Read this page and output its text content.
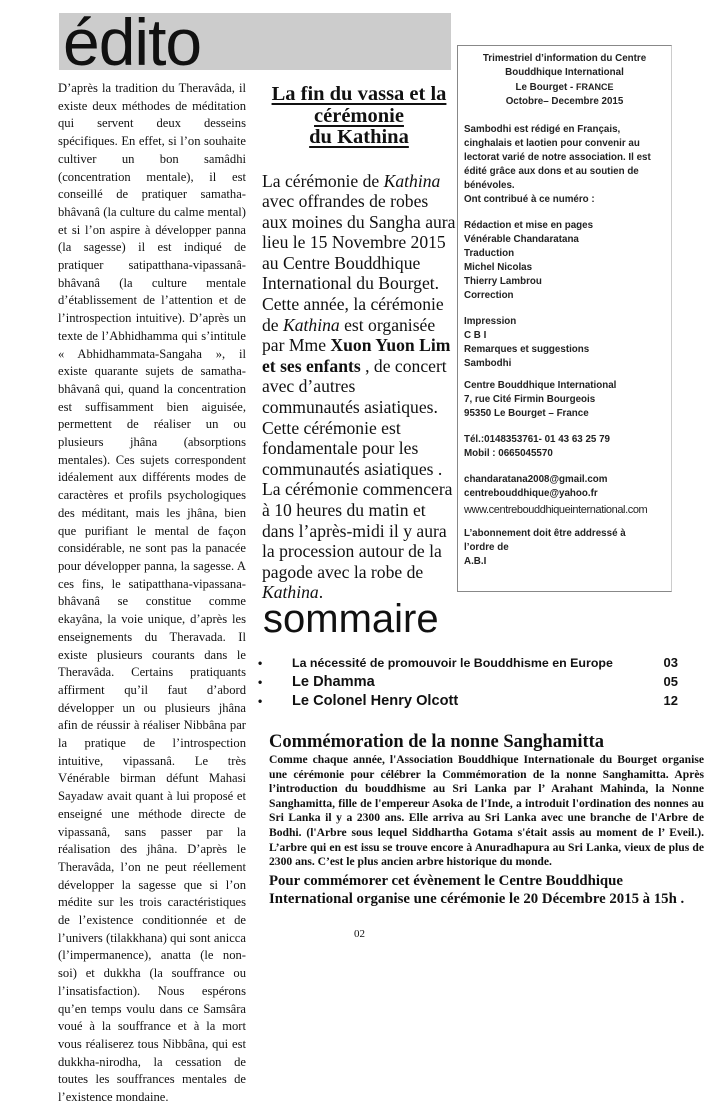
édito

D’après la tradition du Theravâda, il existe deux méthodes de méditation qui servent deux desseins spécifiques. En effet, si l’on souhaite cultiver un bon samâdhi (concentration mentale), il est conseillé de pratiquer samatha-bhâvanâ (la culture du calme mental) et si l’on aspire à développer panna (la sagesse) il est indiqué de pratiquer satipatthana-vipassanâ-bhâvanâ (la culture mentale d’établissement de l’attention et de l’introspection intuitive). D’après un texte de l’Abhidhamma qui s’intitule « Abhidhammata-Sangaha », il existe quarante sujets de samatha-bhâvanâ qui, quand la concentration est suffisamment bien aiguisée, permettent de réaliser un ou plusieurs jhâna (absorptions mentales). Ces sujets correspondent idéalement aux différents modes de caractères et profils psychologiques des méditant, mais les jhâna, bien que purifiant le mental de façon considérable, ne sont pas la panacée pour développer panna, la sagesse. A ces fins, le satipatthana-vipassana-bhâvanâ se constitue comme ekayâna, la voie unique, d’après les enseignements du Theravada. Il existe plusieurs courants dans le Theravâda. Certains pratiquants affirment qu’il faut d’abord développer un ou plusieurs jhâna afin de réussir à réaliser Nibbâna par la pratique de l’introspection intuitive, vipassanâ. Le très Vénérable birman défunt Mahasi Sayadaw avait quant à lui proposé et enseigné une méthode directe de vipassanâ, sans passer par la réalisation des jhâna. D’après le Theravâda, l’on ne peut réellement développer la sagesse que si l’on médite sur les trois caractéristiques de l’existence conditionnée et de l’univers (tilakkhana) qui sont anicca (l’impermanence), anatta (le non-soi) et dukkha (la souffrance ou l’insatisfaction). Nous espérons qu’en temps voulu dans ce Samsâra voué à la souffrance et à la mort vous réaliserez tous Nibbâna, qui est dukkha-nirodha, la cessation de toutes les souffrances mentales de l’existence mondaine.

La fin du vassa et la
cérémonie
du Kathina

La cérémonie de Kathina avec offrandes de robes aux moines du Sangha aura lieu le 15 Novembre 2015 au Centre Bouddhique International du Bourget. Cette année, la cérémonie de Kathina est organisée par Mme Xuon Yuon Lim et ses enfants , de concert avec d’autres communautés asiatiques.

Cette cérémonie est fondamentale pour les communautés asiatiques . La cérémonie commencera à 10 heures du matin et dans l’après-midi il y aura la procession autour de la pagode avec la robe de Kathina.

Trimestriel d’information du Centre
Bouddhique International
Le Bourget - FRANCE
Octobre– Decembre 2015
Sambodhi est rédigé en Français,
cinghalais et laotien pour convenir au
lectorat varié de notre association. Il est
édité grâce aux dons et au soutien de
bénévoles.
Ont contribué à ce numéro :
Rédaction et mise en pages
Vénérable Chandaratana
Traduction
Michel Nicolas
Thierry Lambrou
Correction
Impression
C B I
Remarques et suggestions
Sambodhi
Centre Bouddhique International
7, rue Cité Firmin Bourgeois
95350 Le Bourget – France
Tél.:0148353761- 01 43 63 25 79
Mobil : 0665045570
chandaratana2008@gmail.com
centrebouddhique@yahoo.fr
www.centrebouddhiqueinternational.com
L’abonnement doit être addressé à
l’ordre de
A.B.I
sommaire
•	La nécessité de promouvoir le Bouddhisme en Europe	03
•	Le Dhamma	05
•	Le Colonel Henry Olcott	12
Commémoration de la nonne Sanghamitta

Comme chaque année, l'Association Bouddhique Internationale du Bourget organise une cérémonie pour célébrer la Commémoration de la nonne Sanghamitta. Après l’introduction du bouddhisme au Sri Lanka par l’ Arahant Mahinda, la Nonne Sanghamitta, fille de l'empereur Asoka de l'Inde, a introduit l'ordination des nonnes au Sri Lanka il y a 2300 ans. Elle arriva au Sri Lanka avec une branche de l'Arbre de Bodhi. (l'Arbre sous lequel Siddhartha Gotama s'était assis au moment de l’ Eveil.). L’arbre qui en est issu se trouve encore à Anuradhapura au Sri Lanka, vieux de plus de 2300 ans. C’est le plus ancien arbre historique du monde.

Pour commémorer cet évènement le Centre Bouddhique International organise une cérémonie le 20 Décembre 2015 à 15h .

02
